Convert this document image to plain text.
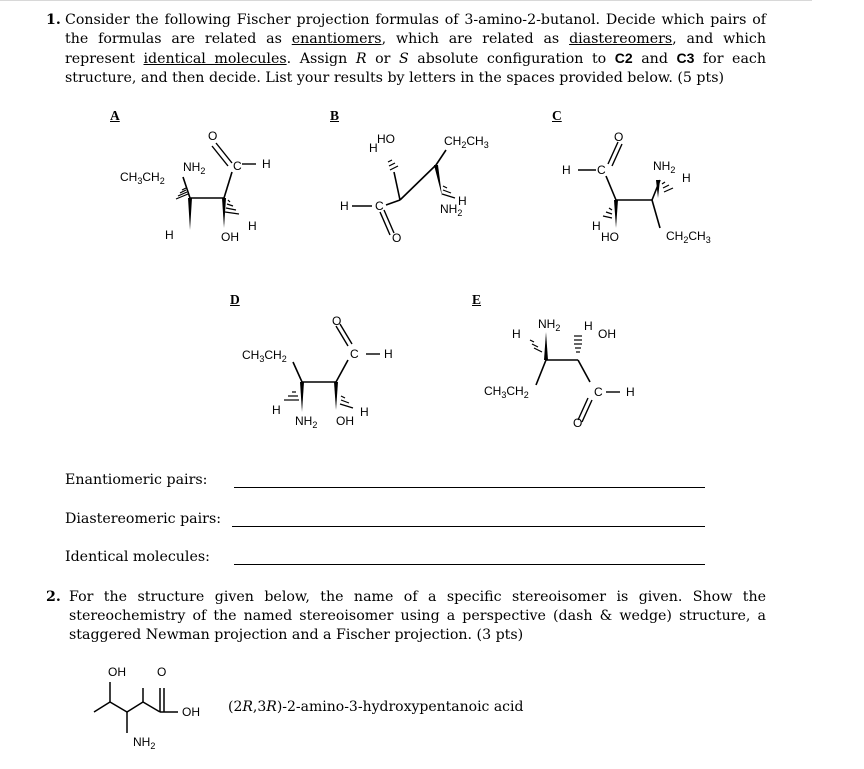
1. Consider the following Fischer projection formulas of 3-amino-2-butanol. Decide which pairs of the formulas are related as enantiomers, which are related as diastereomers, and which represent identical molecules. Assign R or S absolute configuration to C2 and C3 for each structure, and then decide. List your results by letters in the spaces provided below. (5 pts)
A	B	C
D	E
O
C H
$NH_2$
$CH_3CH_2$
H	OH
H
HO
H	$CH_2CH_3$
$NH_2$
H
H C
O
H C
O
$NH_2$
H
H
HO	$CH_2CH_3$
$CH_3CH_2$
O
C H
H
$NH_2$ OH
H
H
$NH_2$ H
OH
$CH_3CH_2$	C H
O
OH	O
OH
$NH_2$
Enantiomeric pairs:
Diastereomeric pairs:
Identical molecules:
2. For the structure given below, the name of a specific stereoisomer is given. Show the stereochemistry of the named stereoisomer using a perspective (dash & wedge) structure, a staggered Newman projection and a Fischer projection. (3 pts)
(2R,3R)-2-amino-3-hydroxypentanoic acid
